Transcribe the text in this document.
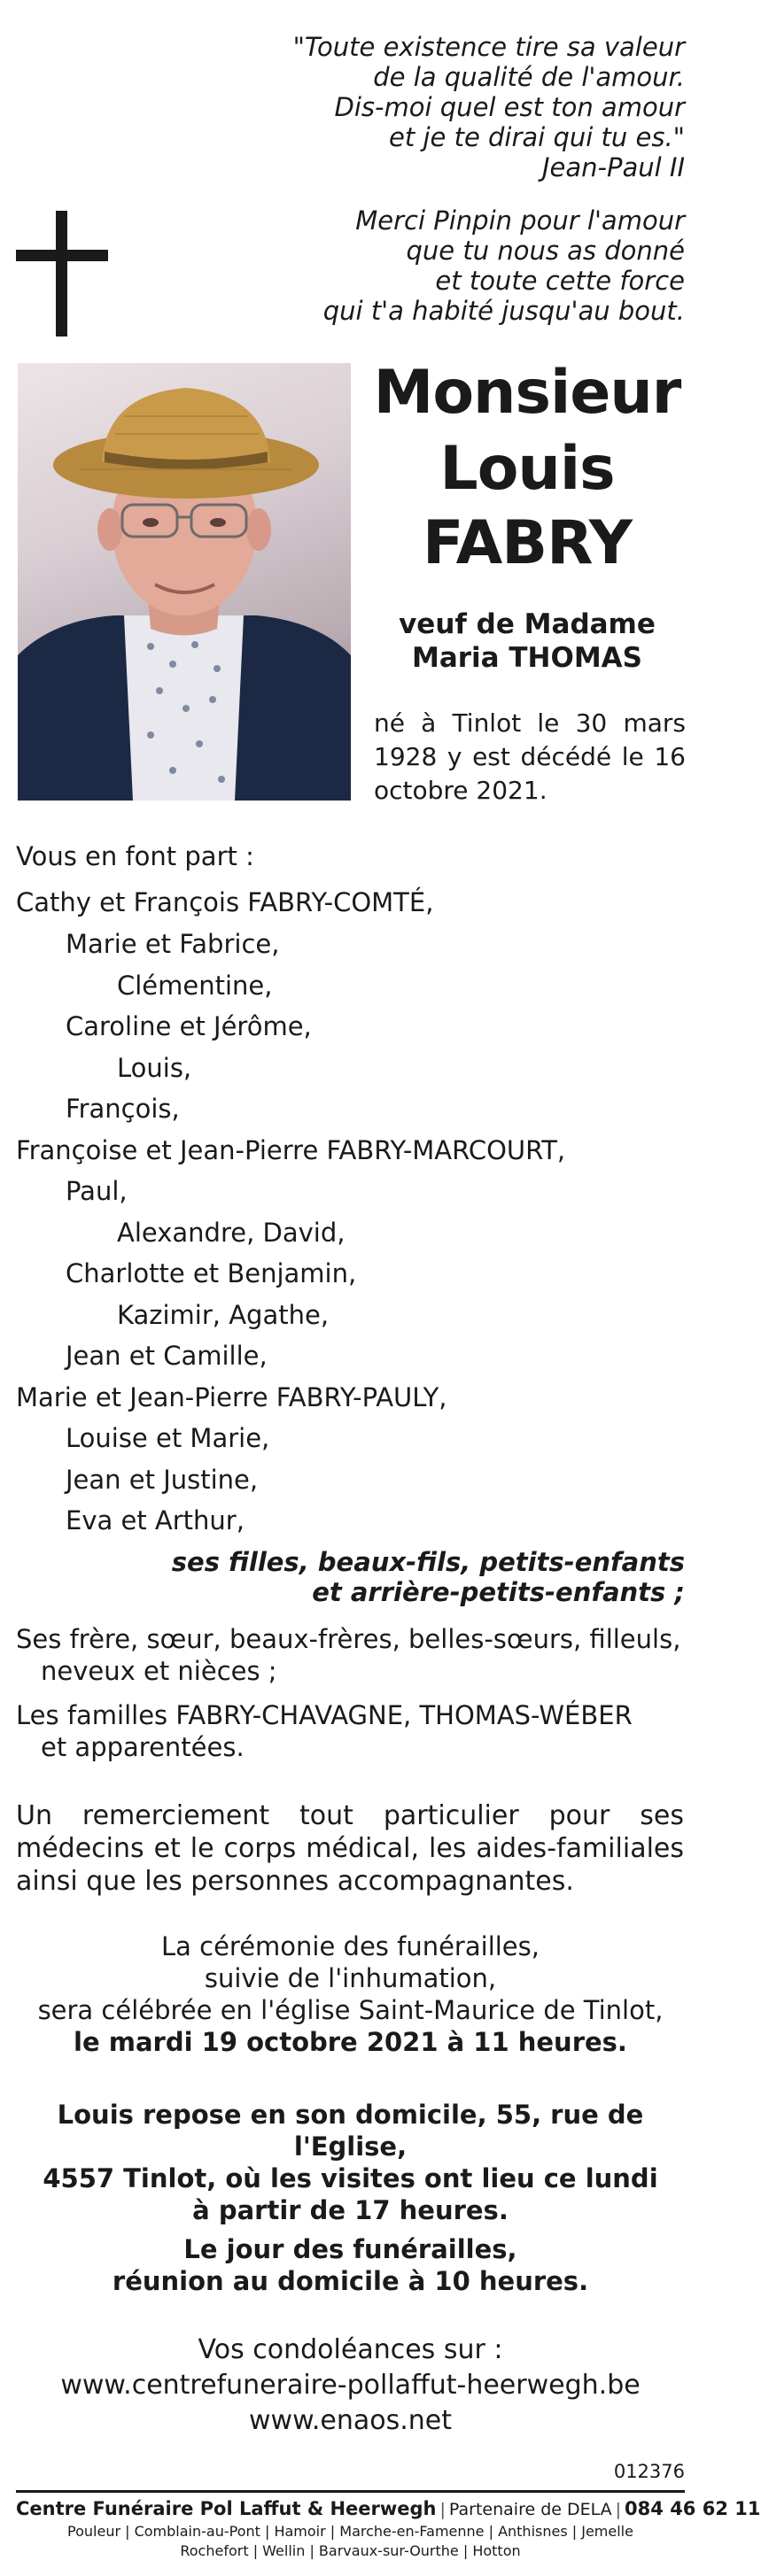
"Toute existence tire sa valeur

de la qualité de l'amour.

Dis-moi quel est ton amour

et je te dirai qui tu es."

Jean-Paul II

Merci Pinpin pour l'amour

que tu nous as donné

et toute cette force

qui t'a habité jusqu'au bout.

Monsieur
Louis
FABRY

veuf de Madame

Maria THOMAS

né à Tinlot le 30 mars 1928 y est décédé le 16 octobre 2021.

Vous en font part :
Cathy et François FABRY-COMTÉ,
Marie et Fabrice,
Clémentine,
Caroline et Jérôme,
Louis,
François,
Françoise et Jean-Pierre FABRY-MARCOURT,
Paul,
Alexandre, David,
Charlotte et Benjamin,
Kazimir, Agathe,
Jean et Camille,
Marie et Jean-Pierre FABRY-PAULY,
Louise et Marie,
Jean et Justine,
Eva et Arthur,
ses filles, beaux-fils, petits-enfants
et arrière-petits-enfants ;
Ses frère, sœur, beaux-frères, belles-sœurs, filleuls,
neveux et nièces ;
Les familles FABRY-CHAVAGNE, THOMAS-WÉBER
et apparentées.

Un remerciement tout particulier pour ses médecins et le corps médical, les aides-familiales ainsi que les personnes accompagnantes.

La cérémonie des funérailles,

suivie de l'inhumation,

sera célébrée en l'église Saint-Maurice de Tinlot,

le mardi 19 octobre 2021 à 11 heures.

Louis repose en son domicile, 55, rue de l'Eglise,

4557 Tinlot, où les visites ont lieu ce lundi

à partir de 17 heures.

Le jour des funérailles,

réunion au domicile à 10 heures.

Vos condoléances sur :

www.centrefuneraire-pollaffut-heerwegh.be

www.enaos.net

012376
Centre Funéraire Pol Laffut & Heerwegh | Partenaire de DELA | 084 46 62 11
Pouleur | Comblain-au-Pont | Hamoir | Marche-en-Famenne | Anthisnes | Jemelle
Rochefort | Wellin | Barvaux-sur-Ourthe | Hotton
